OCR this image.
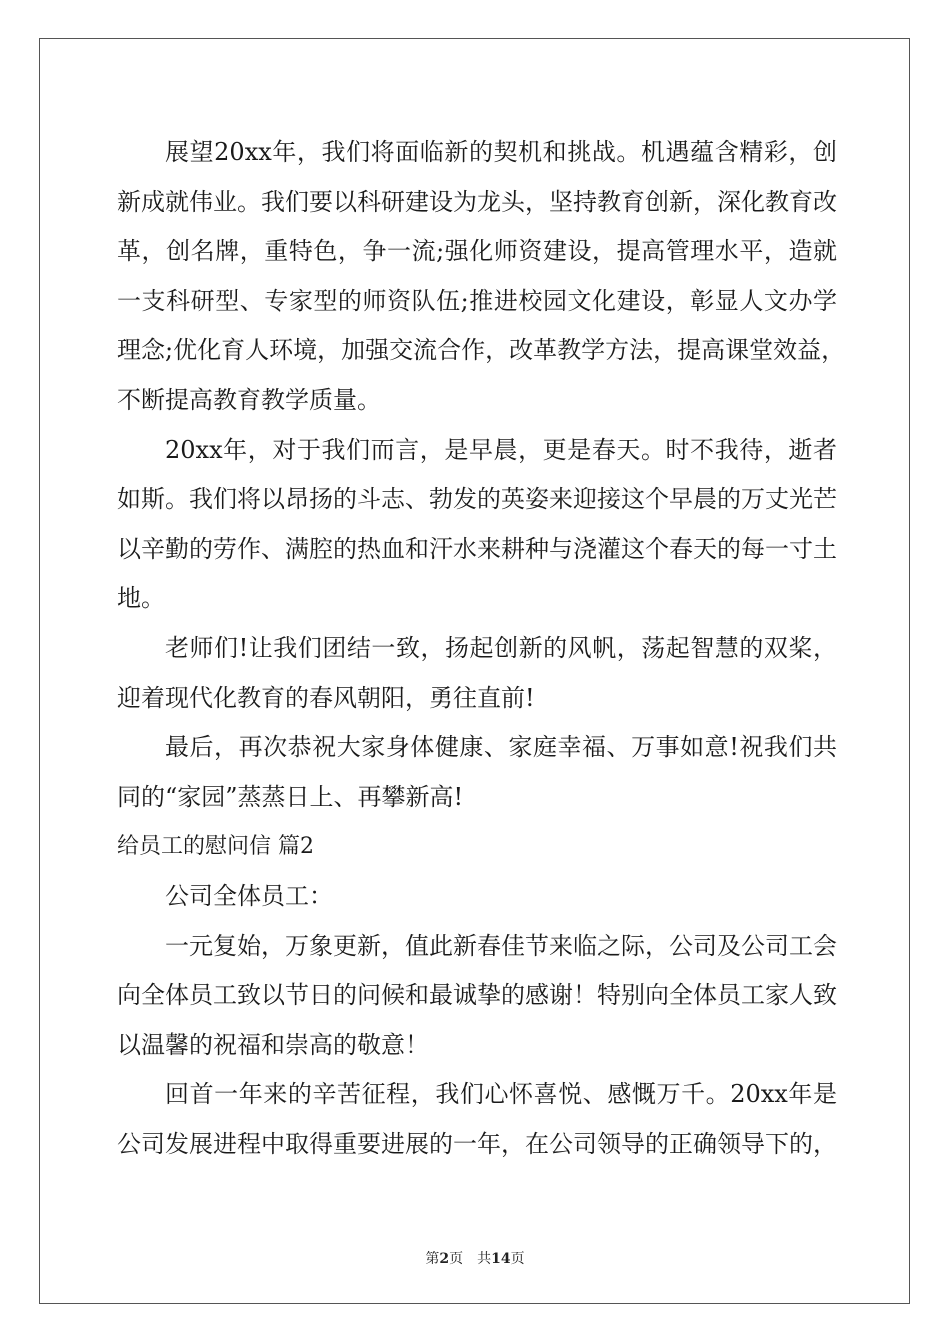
展望20xx年，我们将面临新的契机和挑战。机遇蕴含精彩，创
新成就伟业。我们要以科研建设为龙头，坚持教育创新，深化教育改
革，创名牌，重特色，争一流;强化师资建设，提高管理水平，造就
一支科研型、专家型的师资队伍;推进校园文化建设，彰显人文办学
理念;优化育人环境，加强交流合作，改革教学方法，提高课堂效益，
不断提高教育教学质量。
20xx年，对于我们而言，是早晨，更是春天。时不我待，逝者
如斯。我们将以昂扬的斗志、勃发的英姿来迎接这个早晨的万丈光芒
以辛勤的劳作、满腔的热血和汗水来耕种与浇灌这个春天的每一寸土
地。
老师们!让我们团结一致，扬起创新的风帆，荡起智慧的双桨，
迎着现代化教育的春风朝阳，勇往直前!
最后，再次恭祝大家身体健康、家庭幸福、万事如意!祝我们共
同的“家园”蒸蒸日上、再攀新高!
给员工的慰问信 篇2
公司全体员工：
一元复始，万象更新，值此新春佳节来临之际，公司及公司工会
向全体员工致以节日的问候和最诚挚的感谢！特别向全体员工家人致
以温馨的祝福和崇高的敬意！
回首一年来的辛苦征程，我们心怀喜悦、感慨万千。20xx年是
公司发展进程中取得重要进展的一年，在公司领导的正确领导下的，
第2页 共14页
